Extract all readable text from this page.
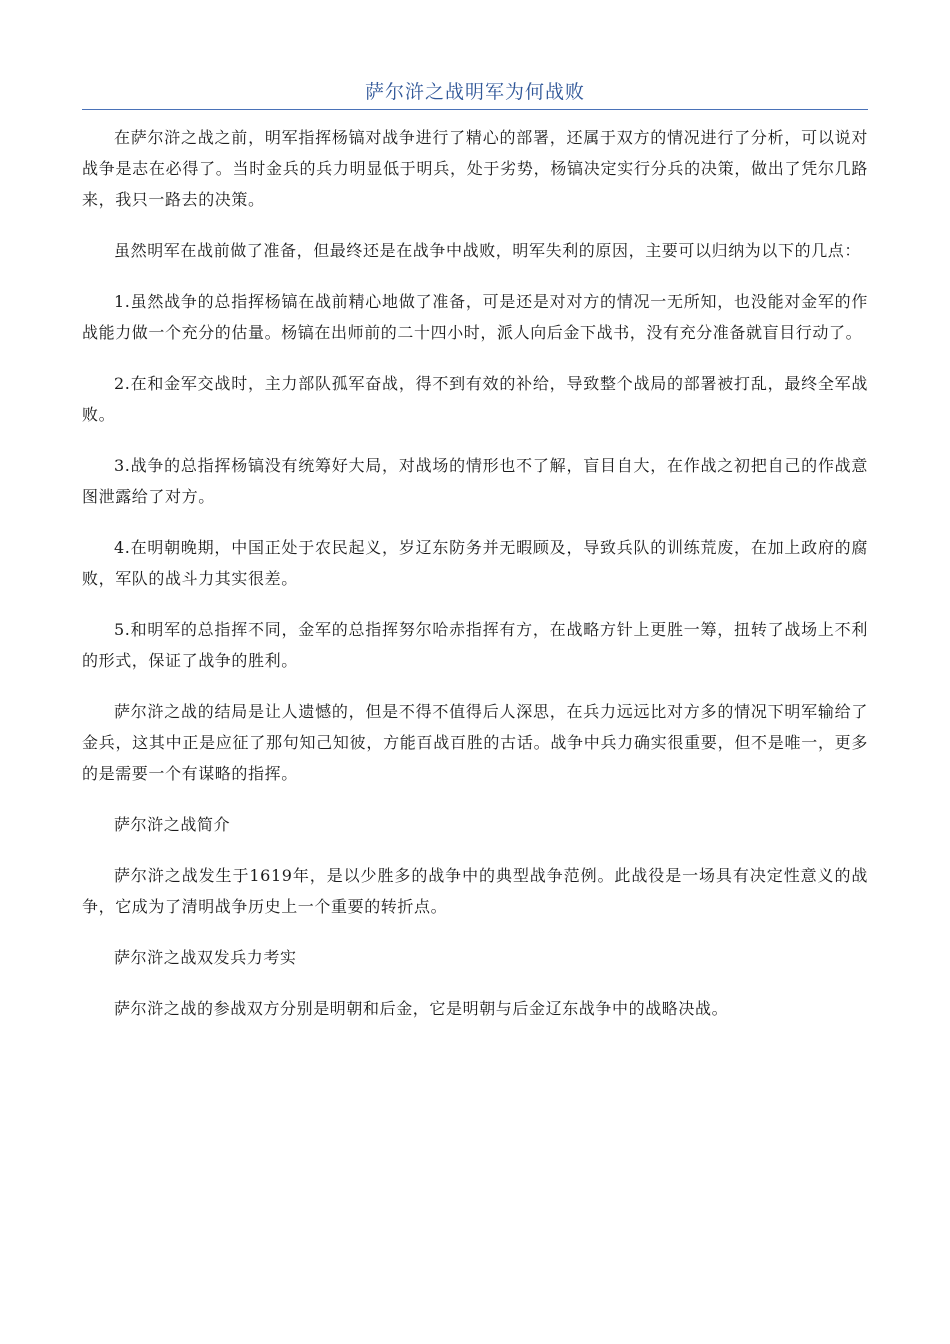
萨尔浒之战明军为何战败

在萨尔浒之战之前，明军指挥杨镐对战争进行了精心的部署，还属于双方的情况进行了分析，可以说对战争是志在必得了。当时金兵的兵力明显低于明兵，处于劣势，杨镐决定实行分兵的决策，做出了凭尔几路来，我只一路去的决策。

虽然明军在战前做了准备，但最终还是在战争中战败，明军失利的原因，主要可以归纳为以下的几点：

1.虽然战争的总指挥杨镐在战前精心地做了准备，可是还是对对方的情况一无所知，也没能对金军的作战能力做一个充分的估量。杨镐在出师前的二十四小时，派人向后金下战书，没有充分准备就盲目行动了。

2.在和金军交战时，主力部队孤军奋战，得不到有效的补给，导致整个战局的部署被打乱，最终全军战败。

3.战争的总指挥杨镐没有统筹好大局，对战场的情形也不了解，盲目自大，在作战之初把自己的作战意图泄露给了对方。

4.在明朝晚期，中国正处于农民起义，岁辽东防务并无暇顾及，导致兵队的训练荒废，在加上政府的腐败，军队的战斗力其实很差。

5.和明军的总指挥不同，金军的总指挥努尔哈赤指挥有方，在战略方针上更胜一筹，扭转了战场上不利的形式，保证了战争的胜利。

萨尔浒之战的结局是让人遗憾的，但是不得不值得后人深思，在兵力远远比对方多的情况下明军输给了金兵，这其中正是应征了那句知己知彼，方能百战百胜的古话。战争中兵力确实很重要，但不是唯一，更多的是需要一个有谋略的指挥。

萨尔浒之战简介

萨尔浒之战发生于1619年，是以少胜多的战争中的典型战争范例。此战役是一场具有决定性意义的战争，它成为了清明战争历史上一个重要的转折点。

萨尔浒之战双发兵力考实

萨尔浒之战的参战双方分别是明朝和后金，它是明朝与后金辽东战争中的战略决战。
